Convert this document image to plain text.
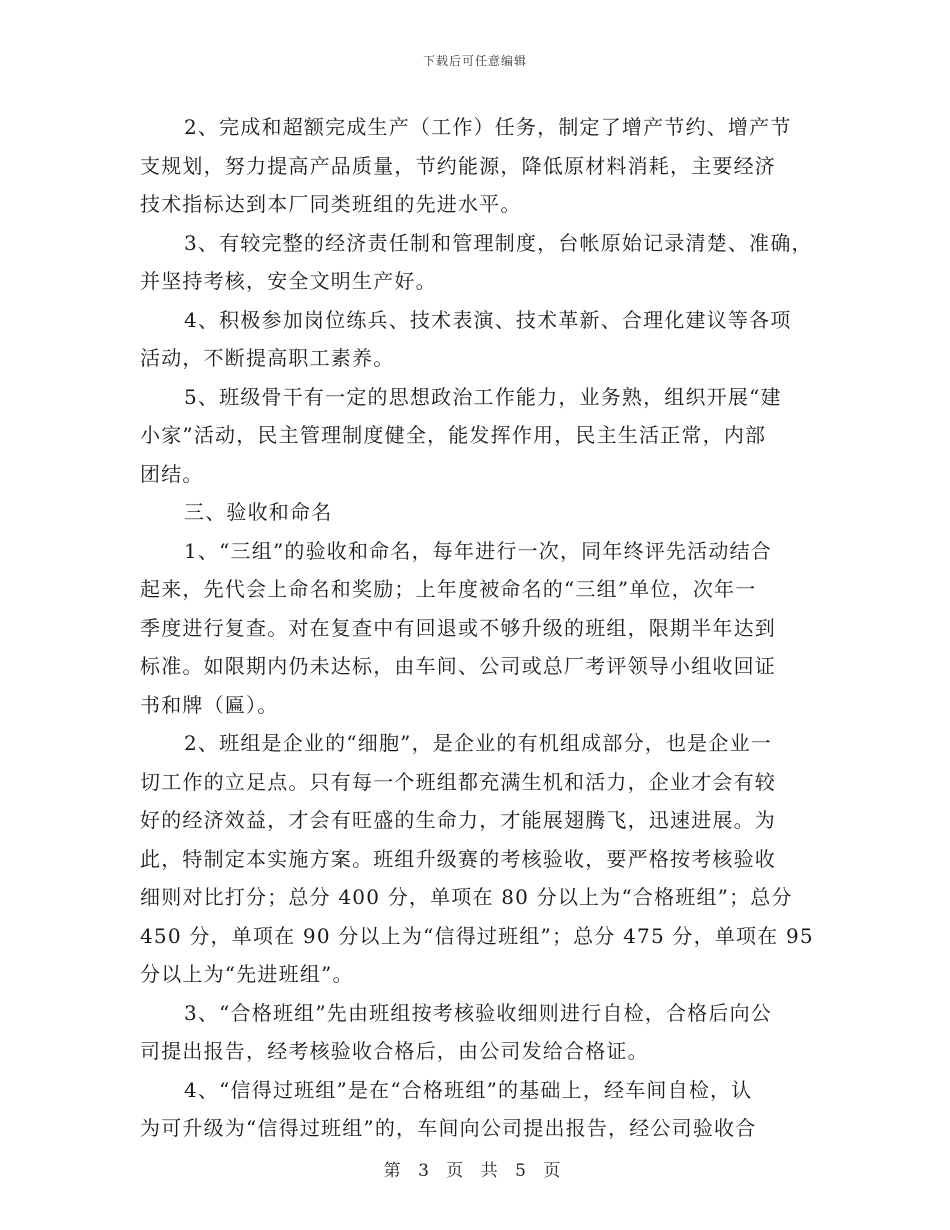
下载后可任意编辑

2、完成和超额完成生产（工作）任务，制定了增产节约、增产节
支规划，努力提高产品质量，节约能源，降低原材料消耗，主要经济
技术指标达到本厂同类班组的先进水平。

3、有较完整的经济责任制和管理制度，台帐原始记录清楚、准确，
并坚持考核，安全文明生产好。

4、积极参加岗位练兵、技术表演、技术革新、合理化建议等各项
活动，不断提高职工素养。

5、班级骨干有一定的思想政治工作能力，业务熟，组织开展“建
小家”活动，民主管理制度健全，能发挥作用，民主生活正常，内部
团结。

三、验收和命名

1、“三组”的验收和命名，每年进行一次，同年终评先活动结合
起来，先代会上命名和奖励；上年度被命名的“三组”单位，次年一
季度进行复查。对在复查中有回退或不够升级的班组，限期半年达到
标准。如限期内仍未达标，由车间、公司或总厂考评领导小组收回证
书和牌（匾）。

2、班组是企业的“细胞”，是企业的有机组成部分，也是企业一
切工作的立足点。只有每一个班组都充满生机和活力，企业才会有较
好的经济效益，才会有旺盛的生命力，才能展翅腾飞，迅速进展。为
此，特制定本实施方案。班组升级赛的考核验收，要严格按考核验收
细则对比打分；总分 400 分，单项在 80 分以上为“合格班组”；总分
450 分，单项在 90 分以上为“信得过班组”；总分 475 分，单项在 95
分以上为“先进班组”。

3、“合格班组”先由班组按考核验收细则进行自检，合格后向公
司提出报告，经考核验收合格后，由公司发给合格证。

4、“信得过班组”是在“合格班组”的基础上，经车间自检，认
为可升级为“信得过班组”的，车间向公司提出报告，经公司验收合

第 3 页 共 5 页
